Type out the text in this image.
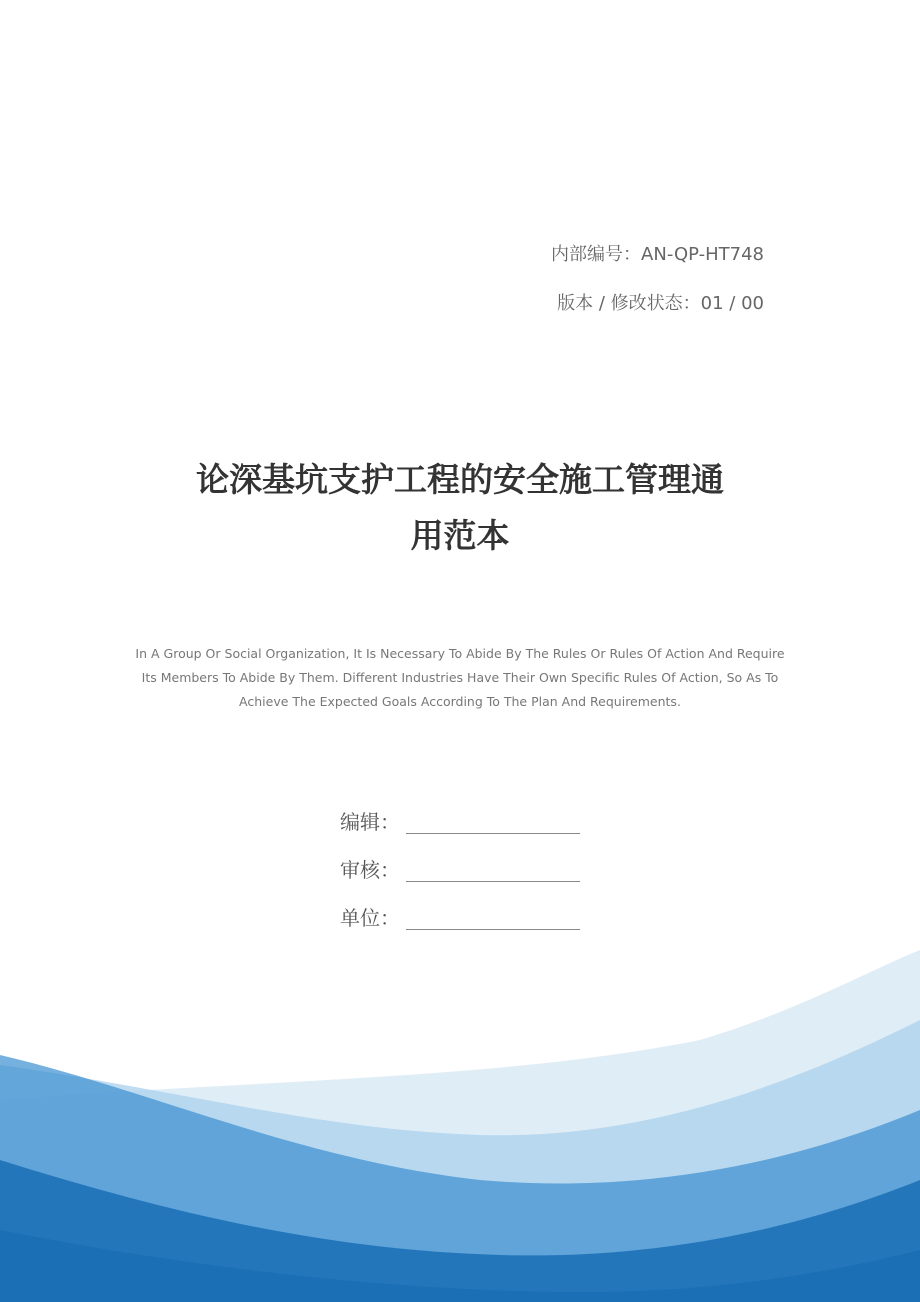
内部编号：AN-QP-HT748
版本 / 修改状态：01 / 00
论深基坑支护工程的安全施工管理通
用范本
In A Group Or Social Organization, It Is Necessary To Abide By The Rules Or Rules Of Action And Require Its Members To Abide By Them. Different Industries Have Their Own Specific Rules Of Action, So As To Achieve The Expected Goals According To The Plan And Requirements.
编辑：
审核：
单位：
